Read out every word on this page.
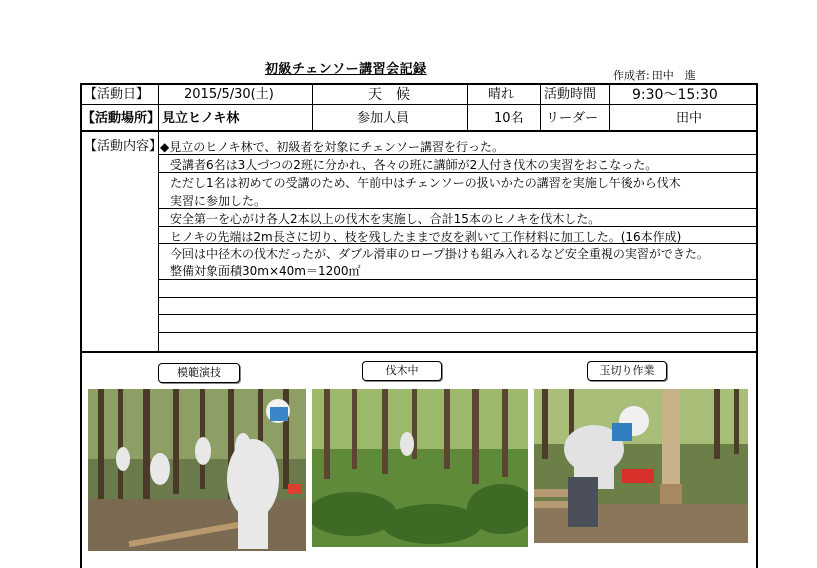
初級チェンソー講習会記録	作成者: 田中　進
【活動日】	2015/5/30(土)	天　候	晴れ 活動時間	9:30～15:30
【活動場所】 見立ヒノキ林	参加人員	10名 リーダー	田中
【活動内容】
◆見立のヒノキ林で、初級者を対象にチェンソー講習を行った。
受講者6名は3人づつの2班に分かれ、各々の班に講師が2人付き伐木の実習をおこなった。
ただし1名は初めての受講のため、午前中はチェンソーの扱いかたの講習を実施し午後から伐木
実習に参加した。
安全第一を心がけ各人2本以上の伐木を実施し、合計15本のヒノキを伐木した。
ヒノキの先端は2m長さに切り、枝を残したままで皮を剥いて工作材料に加工した。(16本作成)
今回は中径木の伐木だったが、ダブル滑車のロープ掛けも組み入れるなど安全重視の実習ができた。
整備対象面積30m×40m＝1200㎡
模範演技	伐木中	玉切り作業
